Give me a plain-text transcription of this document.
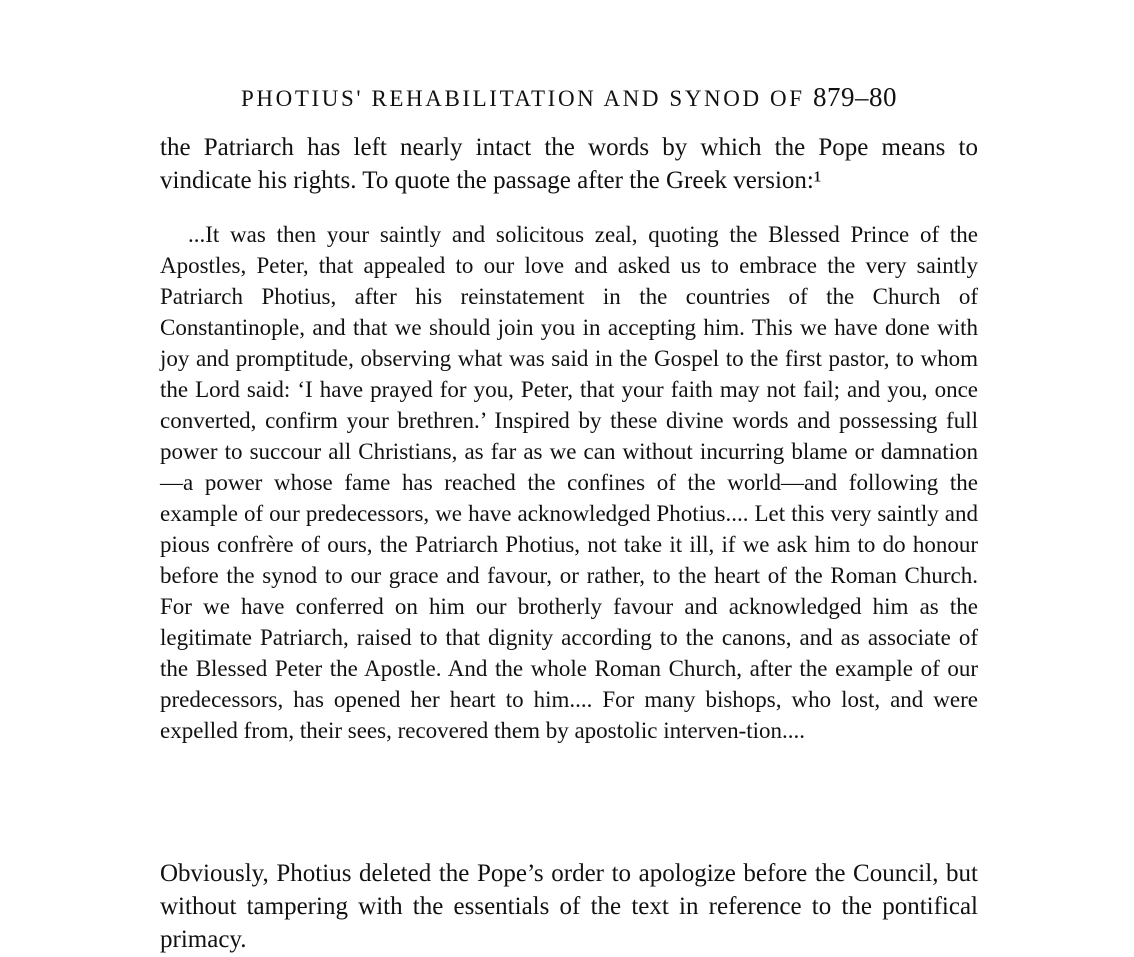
PHOTIUS' REHABILITATION AND SYNOD OF 879–80

the Patriarch has left nearly intact the words by which the Pope means to vindicate his rights. To quote the passage after the Greek version:¹

...It was then your saintly and solicitous zeal, quoting the Blessed Prince of the Apostles, Peter, that appealed to our love and asked us to embrace the very saintly Patriarch Photius, after his reinstatement in the countries of the Church of Constantinople, and that we should join you in accepting him. This we have done with joy and promptitude, observing what was said in the Gospel to the first pastor, to whom the Lord said: ‘I have prayed for you, Peter, that your faith may not fail; and you, once converted, confirm your brethren.’ Inspired by these divine words and possessing full power to succour all Christians, as far as we can without incurring blame or damnation —a power whose fame has reached the confines of the world—and following the example of our predecessors, we have acknowledged Photius.... Let this very saintly and pious confrère of ours, the Patriarch Photius, not take it ill, if we ask him to do honour before the synod to our grace and favour, or rather, to the heart of the Roman Church. For we have conferred on him our brotherly favour and acknowledged him as the legitimate Patriarch, raised to that dignity according to the canons, and as associate of the Blessed Peter the Apostle. And the whole Roman Church, after the example of our predecessors, has opened her heart to him.... For many bishops, who lost, and were expelled from, their sees, recovered them by apostolic interven-tion....

Obviously, Photius deleted the Pope’s order to apologize before the Council, but without tampering with the essentials of the text in reference to the pontifical primacy.
